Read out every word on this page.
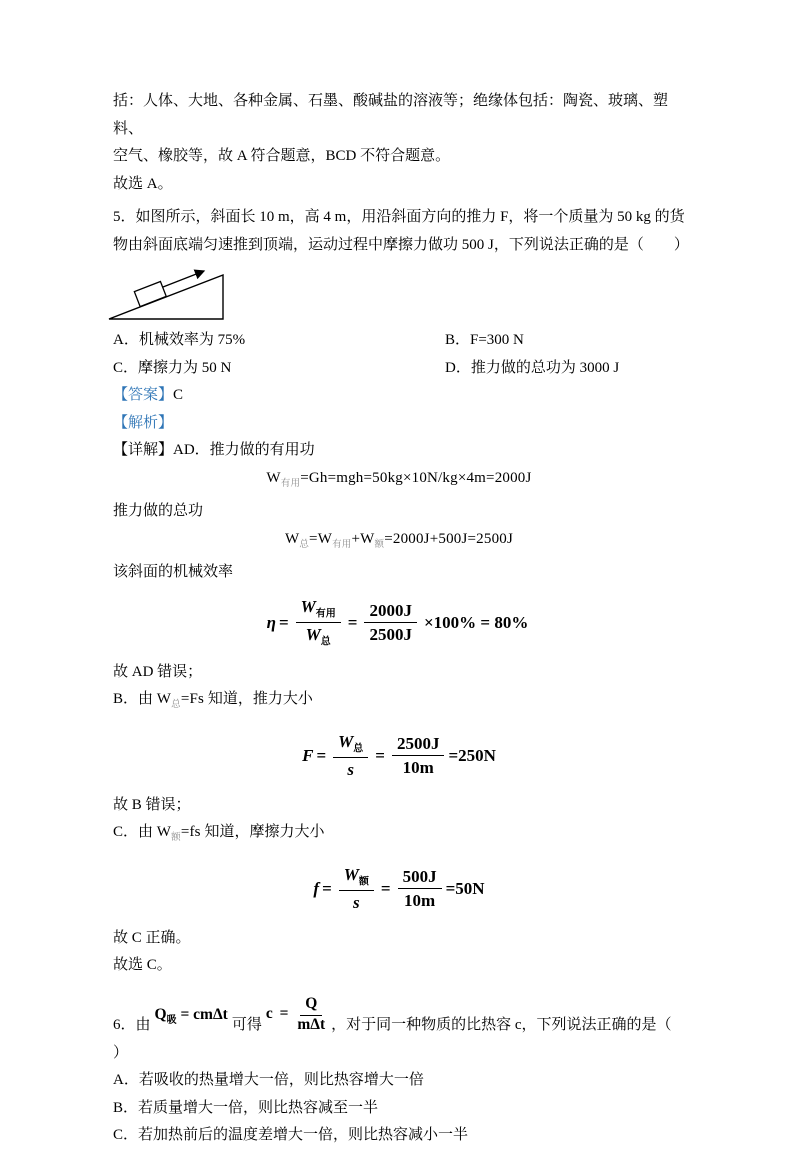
括：人体、大地、各种金属、石墨、酸碱盐的溶液等；绝缘体包括：陶瓷、玻璃、塑料、
空气、橡胶等，故 A 符合题意，BCD 不符合题意。
故选 A。
5．如图所示，斜面长 10 m，高 4 m，用沿斜面方向的推力 F，将一个质量为 50 kg 的货
物由斜面底端匀速推到顶端，运动过程中摩擦力做功 500 J，下列说法正确的是（　　）
A．机械效率为 75%	B．F=300 N
C．摩擦力为 50 N	D．推力做的总功为 3000 J
【答案】C
【解析】
【详解】AD．推力做的有用功
$W_{有用}=Gh=mgh=50kg\times 10N/kg\times 4m=2000J$
推力做的总功
$W_总=W_{有用}+W_额=2000J+500J=2500J$
该斜面的机械效率
$\eta = \frac{W_{有用}}{W_总} = \frac{2000J}{2500J} \times 100\% = 80\%$
故 AD 错误；
B．由 $W_总=Fs$ 知道，推力大小
$F = \frac{W_总}{s} = \frac{2500J}{10m} =250N$
故 B 错误；
C．由 $W_额=fs$ 知道，摩擦力大小
$f = \frac{W_额}{s} = \frac{500J}{10m} =50N$
故 C 正确。
故选 C。
6．由
$Q_吸 = cm\Delta t$
可得
$c = \frac{Q}{\text{mΔt}}$ ，对于同一种物质的比热容 c，下列说法正确的是（
）
A．若吸收的热量增大一倍，则比热容增大一倍
B．若质量增大一倍，则比热容减至一半
C．若加热前后的温度差增大一倍，则比热容减小一半
